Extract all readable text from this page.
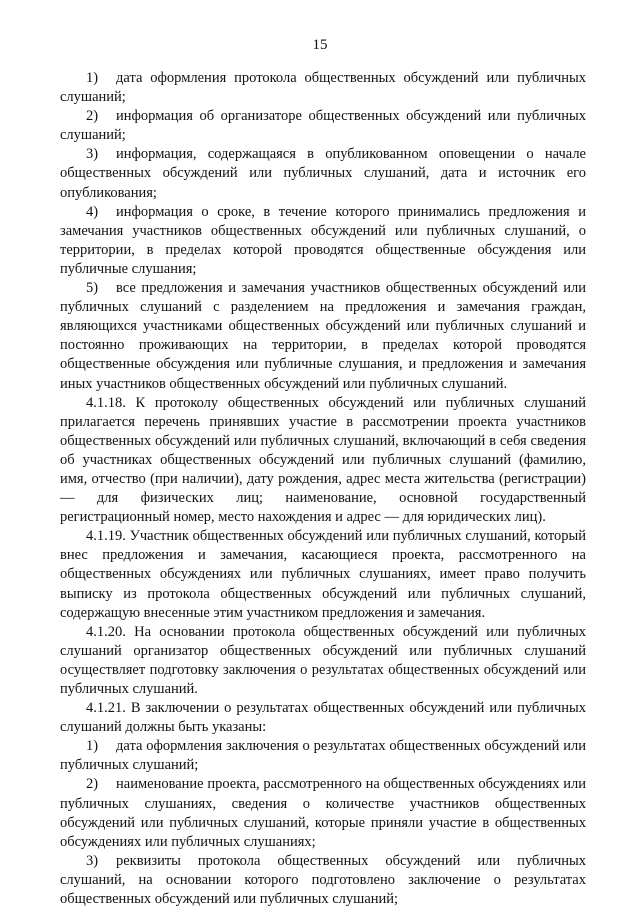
15

1) дата оформления протокола общественных обсуждений или публичных слушаний;

2) информация об организаторе общественных обсуждений или публичных слушаний;

3) информация, содержащаяся в опубликованном оповещении о начале общественных обсуждений или публичных слушаний, дата и источник его опубликования;

4) информация о сроке, в течение которого принимались предложения и замечания участников общественных обсуждений или публичных слушаний, о территории, в пределах которой проводятся общественные обсуждения или публичные слушания;

5) все предложения и замечания участников общественных обсуждений или публичных слушаний с разделением на предложения и замечания граждан, являющихся участниками общественных обсуждений или публичных слушаний и постоянно проживающих на территории, в пределах которой проводятся общественные обсуждения или публичные слушания, и предложения и замечания иных участников общественных обсуждений или публичных слушаний.

4.1.18. К протоколу общественных обсуждений или публичных слушаний прилагается перечень принявших участие в рассмотрении проекта участников общественных обсуждений или публичных слушаний, включающий в себя сведения об участниках общественных обсуждений или публичных слушаний (фамилию, имя, отчество (при наличии), дату рождения, адрес места жительства (регистрации) — для физических лиц; наименование, основной государственный регистрационный номер, место нахождения и адрес — для юридических лиц).

4.1.19. Участник общественных обсуждений или публичных слушаний, который внес предложения и замечания, касающиеся проекта, рассмотренного на общественных обсуждениях или публичных слушаниях, имеет право получить выписку из протокола общественных обсуждений или публичных слушаний, содержащую внесенные этим участником предложения и замечания.

4.1.20. На основании протокола общественных обсуждений или публичных слушаний организатор общественных обсуждений или публичных слушаний осуществляет подготовку заключения о результатах общественных обсуждений или публичных слушаний.

4.1.21. В заключении о результатах общественных обсуждений или публичных слушаний должны быть указаны:

1) дата оформления заключения о результатах общественных обсуждений или публичных слушаний;

2) наименование проекта, рассмотренного на общественных обсуждениях или публичных слушаниях, сведения о количестве участников общественных обсуждений или публичных слушаний, которые приняли участие в общественных обсуждениях или публичных слушаниях;

3) реквизиты протокола общественных обсуждений или публичных слушаний, на основании которого подготовлено заключение о результатах общественных обсуждений или публичных слушаний;
